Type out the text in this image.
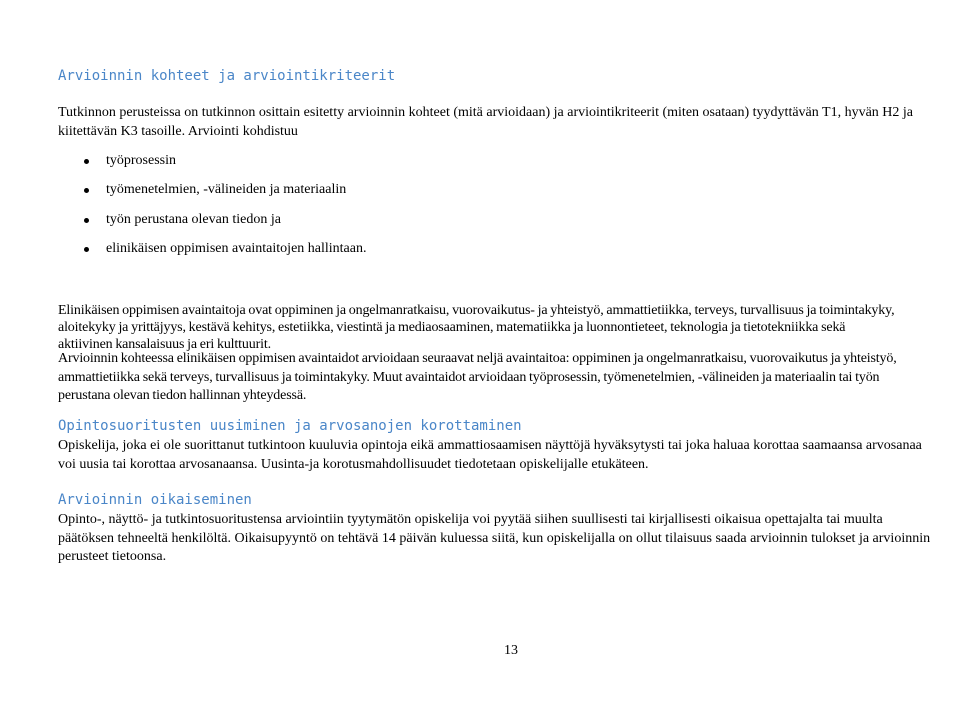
Arvioinnin kohteet ja arviointikriteerit
Tutkinnon perusteissa on tutkinnon osittain esitetty arvioinnin kohteet (mitä arvioidaan) ja arviointikriteerit (miten osataan) tyydyttävän T1, hyvän H2 ja
kiitettävän K3 tasoille. Arviointi kohdistuu
työprosessin
työmenetelmien, -välineiden ja materiaalin
työn perustana olevan tiedon ja
elinikäisen oppimisen avaintaitojen hallintaan.
Elinikäisen oppimisen avaintaitoja ovat oppiminen ja ongelmanratkaisu, vuorovaikutus- ja yhteistyö, ammattietiikka, terveys, turvallisuus ja toimintakyky,
aloitekyky ja yrittäjyys, kestävä kehitys, estetiikka, viestintä ja mediaosaaminen, matematiikka ja luonnontieteet, teknologia ja tietotekniikka sekä
aktiivinen kansalaisuus ja eri kulttuurit.
Arvioinnin kohteessa elinikäisen oppimisen avaintaidot arvioidaan seuraavat neljä avaintaitoa: oppiminen ja ongelmanratkaisu, vuorovaikutus ja yhteistyö,
ammattietiikka sekä terveys, turvallisuus ja toimintakyky. Muut avaintaidot arvioidaan työprosessin, työmenetelmien, -välineiden ja materiaalin tai työn
perustana olevan tiedon hallinnan yhteydessä.
Opintosuoritusten uusiminen ja arvosanojen korottaminen
Opiskelija, joka ei ole suorittanut tutkintoon kuuluvia opintoja eikä ammattiosaamisen näyttöjä hyväksytysti tai joka haluaa korottaa saamaansa arvosanaa
voi uusia tai korottaa arvosanaansa. Uusinta-ja korotusmahdollisuudet tiedotetaan opiskelijalle etukäteen.
Arvioinnin oikaiseminen
Opinto-, näyttö- ja tutkintosuoritustensa arviointiin tyytymätön opiskelija voi pyytää siihen suullisesti tai kirjallisesti oikaisua opettajalta tai muulta
päätöksen tehneeltä henkilöltä. Oikaisupyyntö on tehtävä 14 päivän kuluessa siitä, kun opiskelijalla on ollut tilaisuus saada arvioinnin tulokset ja arvioinnin
perusteet tietoonsa.
13
